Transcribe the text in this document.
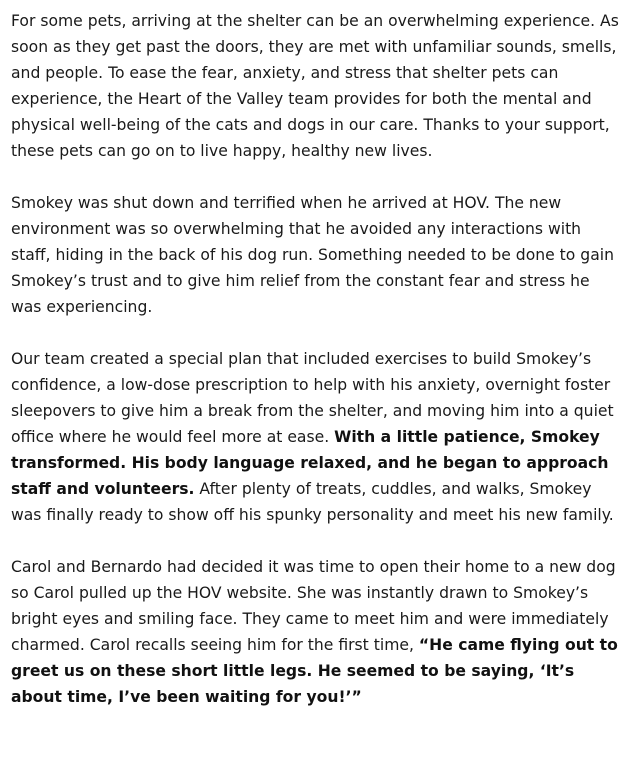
For some pets, arriving at the shelter can be an overwhelming experience. As soon as they get past the doors, they are met with unfamiliar sounds, smells, and people. To ease the fear, anxiety, and stress that shelter pets can experience, the Heart of the Valley team provides for both the mental and physical well-being of the cats and dogs in our care. Thanks to your support, these pets can go on to live happy, healthy new lives.

Smokey was shut down and terrified when he arrived at HOV. The new environment was so overwhelming that he avoided any interactions with staff, hiding in the back of his dog run. Something needed to be done to gain Smokey’s trust and to give him relief from the constant fear and stress he was experiencing.

Our team created a special plan that included exercises to build Smokey’s confidence, a low-dose prescription to help with his anxiety, overnight foster sleepovers to give him a break from the shelter, and moving him into a quiet office where he would feel more at ease. With a little patience, Smokey transformed. His body language relaxed, and he began to approach staff and volunteers. After plenty of treats, cuddles, and walks, Smokey was finally ready to show off his spunky personality and meet his new family.

Carol and Bernardo had decided it was time to open their home to a new dog so Carol pulled up the HOV website. She was instantly drawn to Smokey’s bright eyes and smiling face. They came to meet him and were immediately charmed. Carol recalls seeing him for the first time, “He came flying out to greet us on these short little legs. He seemed to be saying, ‘It’s about time, I’ve been waiting for you!’”
